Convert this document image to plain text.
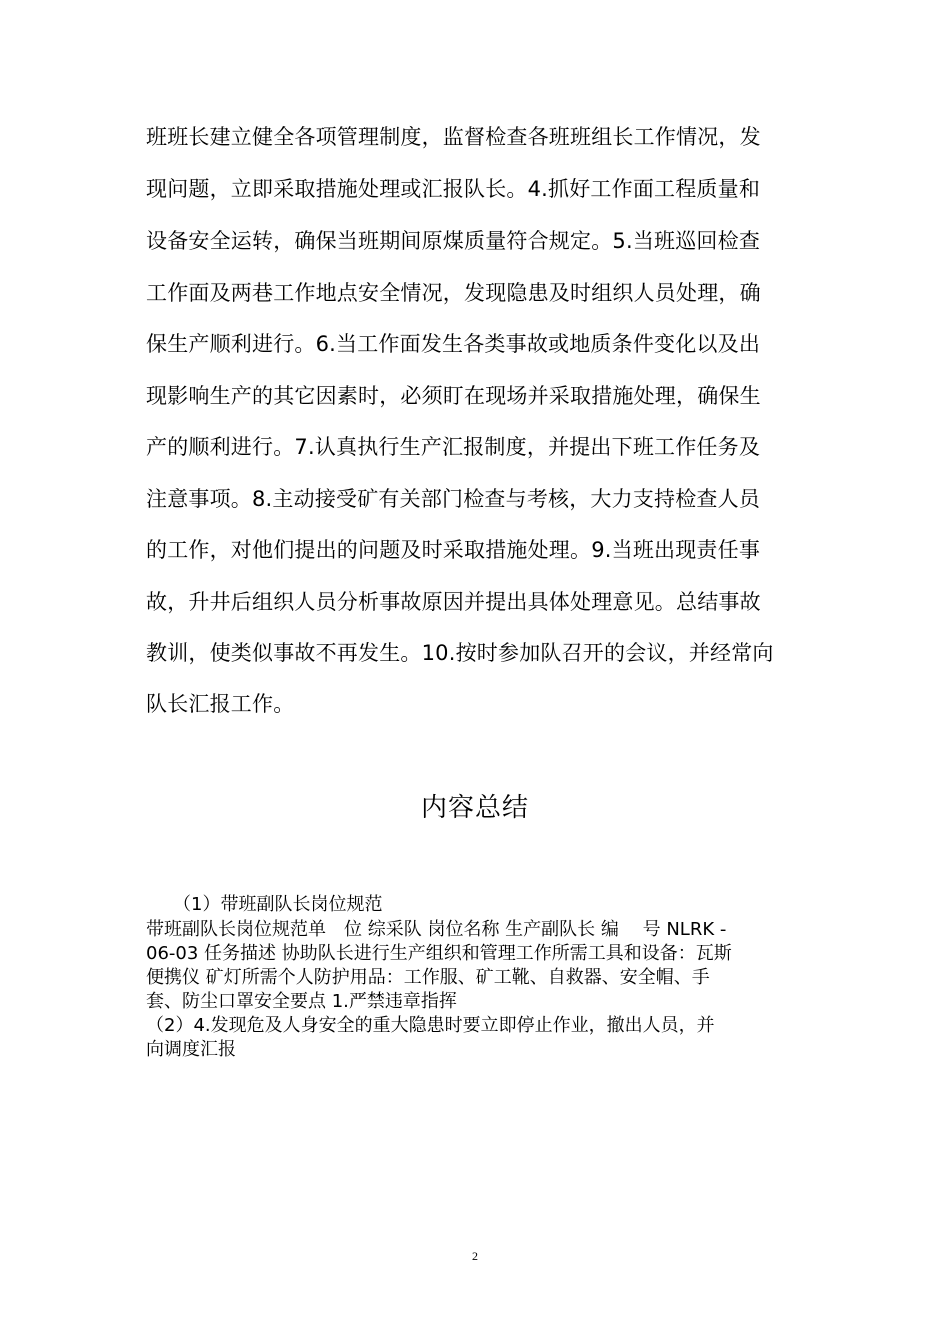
班班长建立健全各项管理制度，监督检查各班班组长工作情况，发
现问题，立即采取措施处理或汇报队长。4.抓好工作面工程质量和
设备安全运转，确保当班期间原煤质量符合规定。5.当班巡回检查
工作面及两巷工作地点安全情况，发现隐患及时组织人员处理，确
保生产顺利进行。6.当工作面发生各类事故或地质条件变化以及出
现影响生产的其它因素时，必须盯在现场并采取措施处理，确保生
产的顺利进行。7.认真执行生产汇报制度，并提出下班工作任务及
注意事项。8.主动接受矿有关部门检查与考核，大力支持检查人员
的工作，对他们提出的问题及时采取措施处理。9.当班出现责任事
故，升井后组织人员分析事故原因并提出具体处理意见。总结事故
教训，使类似事故不再发生。10.按时参加队召开的会议，并经常向
队长汇报工作。
内容总结
　　（1）带班副队长岗位规范
带班副队长岗位规范单　位 综采队 岗位名称 生产副队长 编　 号 NLRK -
06-03 任务描述 协助队长进行生产组织和管理工作所需工具和设备：瓦斯
便携仪 矿灯所需个人防护用品：工作服、矿工靴、自救器、安全帽、手
套、防尘口罩安全要点 1.严禁违章指挥
（2）4.发现危及人身安全的重大隐患时要立即停止作业，撤出人员，并
向调度汇报
2
